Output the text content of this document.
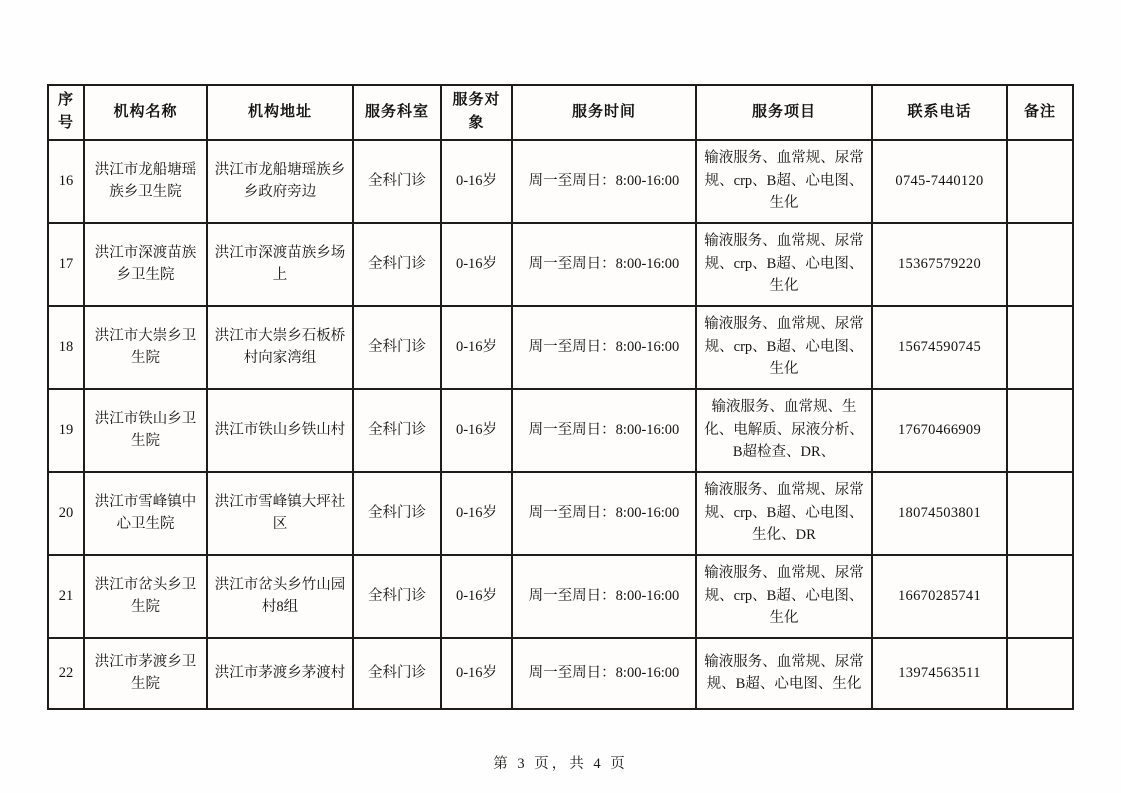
序号	机构名称	机构地址	服务科室	服务对象	服务时间	服务项目	联系电话	备注
16	洪江市龙船塘瑶族乡卫生院	洪江市龙船塘瑶族乡乡政府旁边	全科门诊	0-16岁	周一至周日：8:00-16:00	输液服务、血常规、尿常规、crp、B超、心电图、生化	0745-7440120	
17	洪江市深渡苗族乡卫生院	洪江市深渡苗族乡场上	全科门诊	0-16岁	周一至周日：8:00-16:00	输液服务、血常规、尿常规、crp、B超、心电图、生化	15367579220	
18	洪江市大崇乡卫生院	洪江市大崇乡石板桥村向家湾组	全科门诊	0-16岁	周一至周日：8:00-16:00	输液服务、血常规、尿常规、crp、B超、心电图、生化	15674590745	
19	洪江市铁山乡卫生院	洪江市铁山乡铁山村	全科门诊	0-16岁	周一至周日：8:00-16:00	输液服务、血常规、生化、电解质、尿液分析、B超检查、DR、	17670466909	
20	洪江市雪峰镇中心卫生院	洪江市雪峰镇大坪社区	全科门诊	0-16岁	周一至周日：8:00-16:00	输液服务、血常规、尿常规、crp、B超、心电图、生化、DR	18074503801	
21	洪江市岔头乡卫生院	洪江市岔头乡竹山园村8组	全科门诊	0-16岁	周一至周日：8:00-16:00	输液服务、血常规、尿常规、crp、B超、心电图、生化	16670285741	
22	洪江市茅渡乡卫生院	洪江市茅渡乡茅渡村	全科门诊	0-16岁	周一至周日：8:00-16:00	输液服务、血常规、尿常规、B超、心电图、生化	13974563511	
第 3 页，共 4 页
